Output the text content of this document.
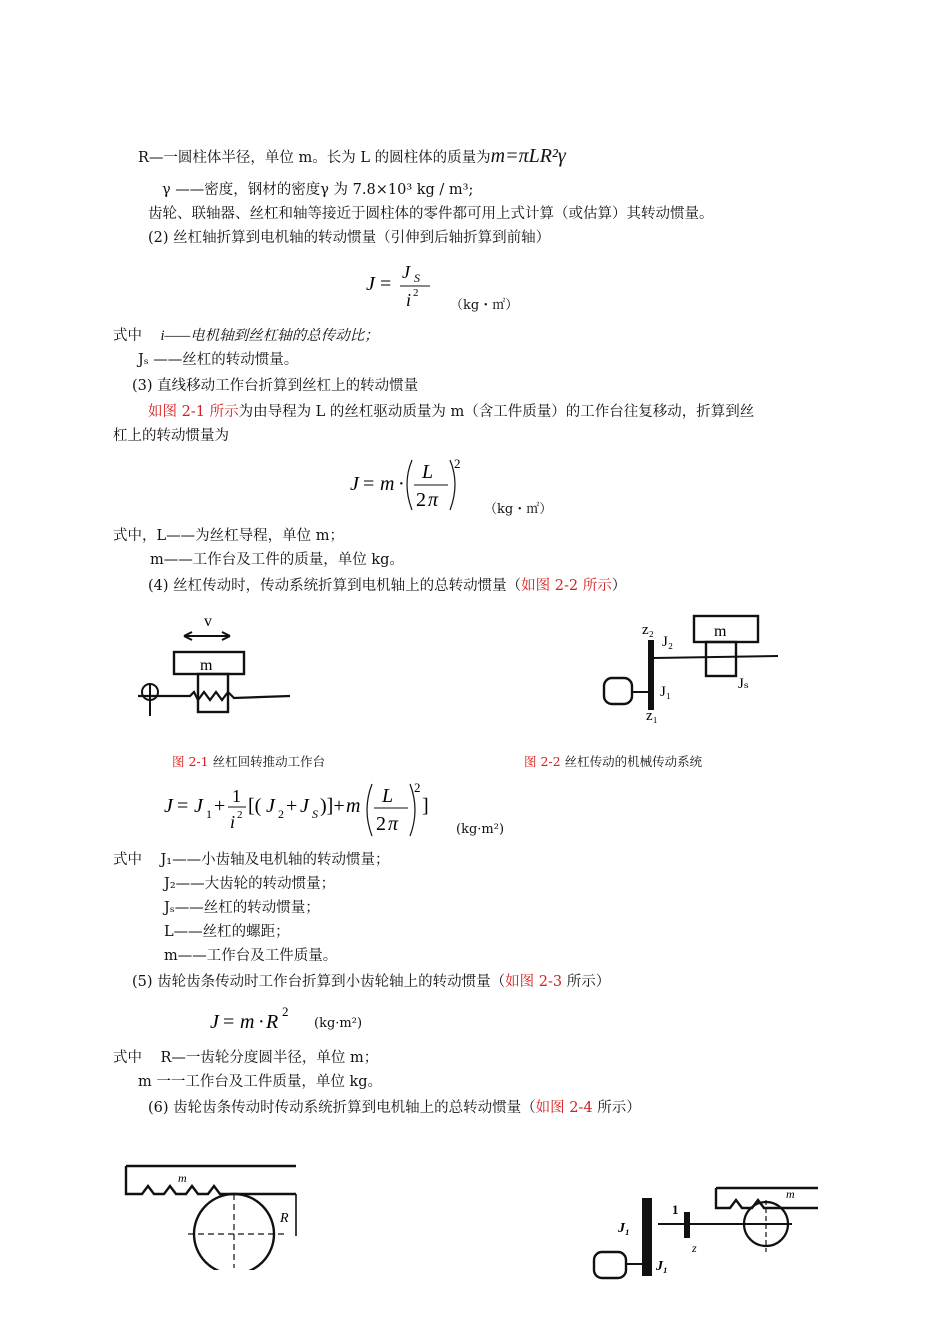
R—一圆柱体半径，单位 m。长为 L 的圆柱体的质量为m=πLR²γ
γ ——密度，钢材的密度γ 为 7.8×10³ kg / m³;
齿轮、联轴器、丝杠和轴等接近于圆柱体的零件都可用上式计算（或估算）其转动惯量。
(2) 丝杠轴折算到电机轴的转动惯量（引伸到后轴折算到前轴）
J =
J S
i 2
（kg・㎡）
式中 i——电机轴到丝杠轴的总传动比；
Jₛ ——丝杠的转动惯量。
(3) 直线移动工作台折算到丝杠上的转动惯量
如图 2-1 所示为由导程为 L 的丝杠驱动质量为 m（含工件质量）的工作台往复移动，折算到丝
杠上的转动惯量为
J = m ·
L
2 π
2
（kg・㎡）
式中，L——为丝杠导程，单位 m；
m——工作台及工件的质量，单位 kg。
(4) 丝杠传动时，传动系统折算到电机轴上的总转动惯量（如图 2-2 所示）
v
m
z₂
J₂
m
J₁
z₁
Jₛ
图 2-1 丝杠回转推动工作台	图 2-2 丝杠传动的机械传动系统
J = J 1 + 1
i 2 [( J 2 + J S )]+ m L
2 π
2
]
(kg·m²)
式中 J₁——小齿轴及电机轴的转动惯量；
J₂——大齿轮的转动惯量；
Jₛ——丝杠的转动惯量；
L——丝杠的螺距；
m——工作台及工件质量。
(5) 齿轮齿条传动时工作台折算到小齿轮轴上的转动惯量（如图 2-3 所示）
J = m · R 2
(kg·m²)
式中 R—一齿轮分度圆半径，单位 m；
m 一一工作台及工件质量，单位 kg。
(6) 齿轮齿条传动时传动系统折算到电机轴上的总转动惯量（如图 2-4 所示）
m
R
m
1
z
J₁
J₁
